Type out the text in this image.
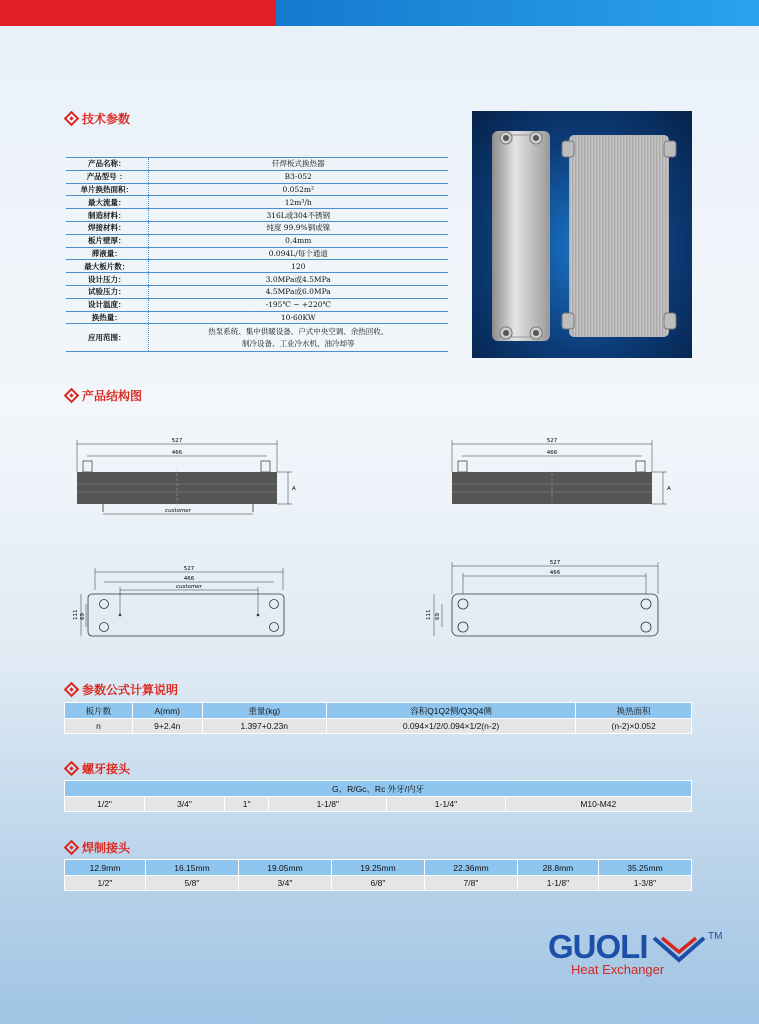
技术参数
产品名称：	钎焊板式换热器
产品型号 ：	B3-052
单片换热面积：	0.052m²
最大流量：	12m³/h
制造材料：	316L或304不锈钢
焊接材料：	纯度 99.9%铜或镍
板片壁厚：	0.4mm
滞液量：	0.094L/每个通道
最大板片数：	120
设计压力：	3.0MPa或4.5MPa
试验压力：	4.5MPa或6.0MPa
设计温度：	-195℃ ~ +220℃
换热量：	10-60KW
应用范围：	热泵系统、集中供暖设备、户式中央空调、余热回收、
制冷设备、工业冷水机、油冷却等
产品结构图
527
466
A
customer
527
466
A
527
466
customer
111 69
527
466
111 69
参数公式计算说明
板片数	A(mm)	重量(kg)	容积Q1Q2侧/Q3Q4侧	换热面积
n	9+2.4n	1.397+0.23n	0.094×1/2/0.094×1/2(n-2)	(n-2)×0.052
螺牙接头
G、R/Gc、Rc 外牙/内牙
1/2"	3/4"	1"	1-1/8"	1-1/4"	M10-M42
焊制接头
12.9mm	16.15mm	19.05mm	19.25mm	22.36mm	28.8mm	35.25mm
1/2"	5/8"	3/4"	6/8"	7/8"	1-1/8"	1-3/8"
GUOLI	TM
Heat Exchanger
